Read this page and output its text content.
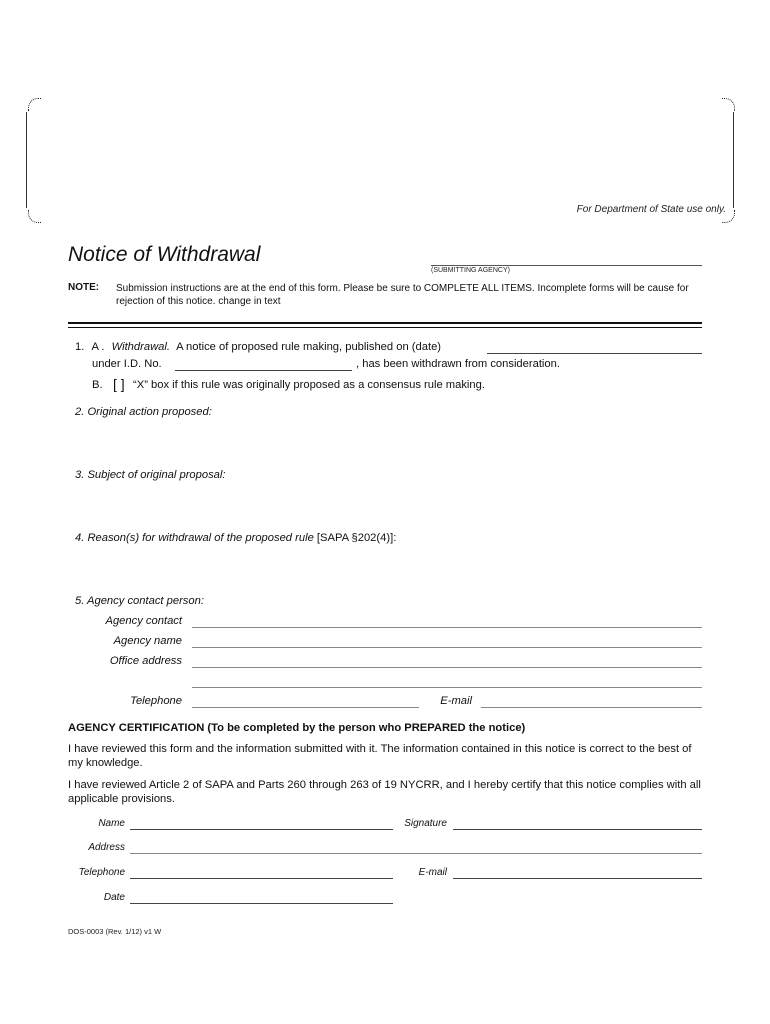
For Department of State use only.
Notice of Withdrawal
(SUBMITTING AGENCY)
NOTE: Submission instructions are at the end of this form. Please be sure to COMPLETE ALL ITEMS. Incomplete forms will be cause for rejection of this notice. change in text
1. A . Withdrawal. A notice of proposed rule making, published on (date)
under I.D. No.	, has been withdrawn from consideration.
B. [ ] “X” box if this rule was originally proposed as a consensus rule making.
2. Original action proposed:
3. Subject of original proposal:
4. Reason(s) for withdrawal of the proposed rule [SAPA §202(4)]:
5. Agency contact person:
Agency contact
Agency name
Office address
Telephone	E-mail
AGENCY CERTIFICATION (To be completed by the person who PREPARED the notice)
I have reviewed this form and the information submitted with it. The information contained in this notice is correct to the best of my knowledge.
I have reviewed Article 2 of SAPA and Parts 260 through 263 of 19 NYCRR, and I hereby certify that this notice complies with all applicable provisions.
Name	Signature
Address
Telephone	E-mail
Date
DOS-0003 (Rev. 1/12) v1 W
